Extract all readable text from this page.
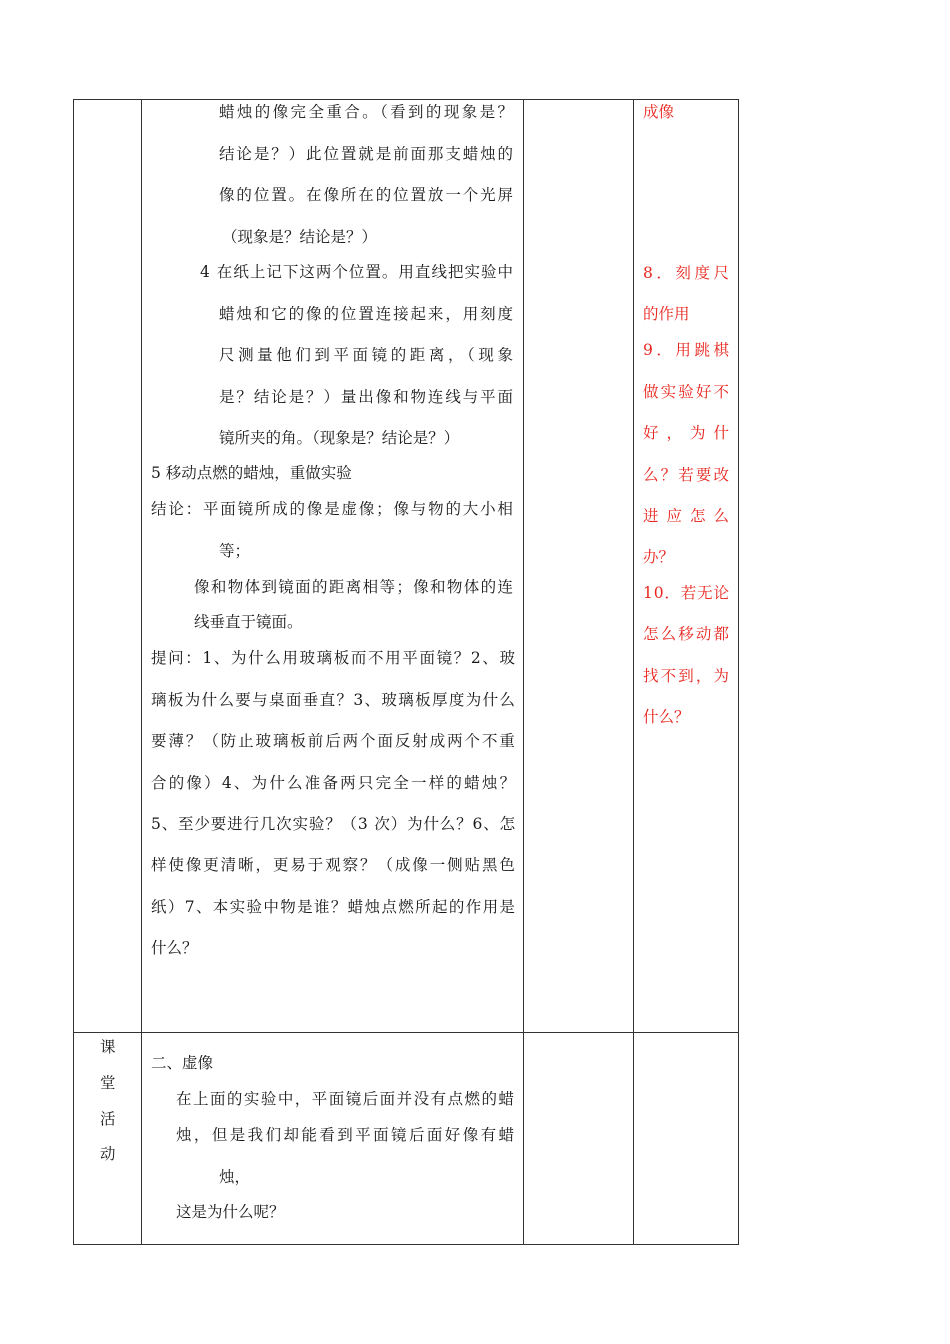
蜡烛的像完全重合。（看到的现象是？
结论是？）此位置就是前面那支蜡烛的
像的位置。在像所在的位置放一个光屏
（现象是？结论是？）
4 在纸上记下这两个位置。用直线把实验中
蜡烛和它的像的位置连接起来，用刻度
尺测量他们到平面镜的距离，（现象
是？结论是？）量出像和物连线与平面
镜所夹的角。（现象是？结论是？）
5 移动点燃的蜡烛，重做实验
结论：平面镜所成的像是虚像；像与物的大小相
等；
像和物体到镜面的距离相等；像和物体的连
线垂直于镜面。
提问：1、为什么用玻璃板而不用平面镜？2、玻
璃板为什么要与桌面垂直？3、玻璃板厚度为什么
要薄？（防止玻璃板前后两个面反射成两个不重
合的像）4、为什么准备两只完全一样的蜡烛？
5、至少要进行几次实验？（3 次）为什么？6、怎
样使像更清晰，更易于观察？（成像一侧贴黑色
纸）7、本实验中物是谁？蜡烛点燃所起的作用是
什么？
成像
8．刻度尺
的作用
9．用跳棋
做实验好不
好，为什
么？若要改
进应怎么
办？
10．若无论
怎么移动都
找不到，为
什么？
课
堂
活
动
二、虚像
在上面的实验中，平面镜后面并没有点燃的蜡
烛，但是我们却能看到平面镜后面好像有蜡
烛，
这是为什么呢？
